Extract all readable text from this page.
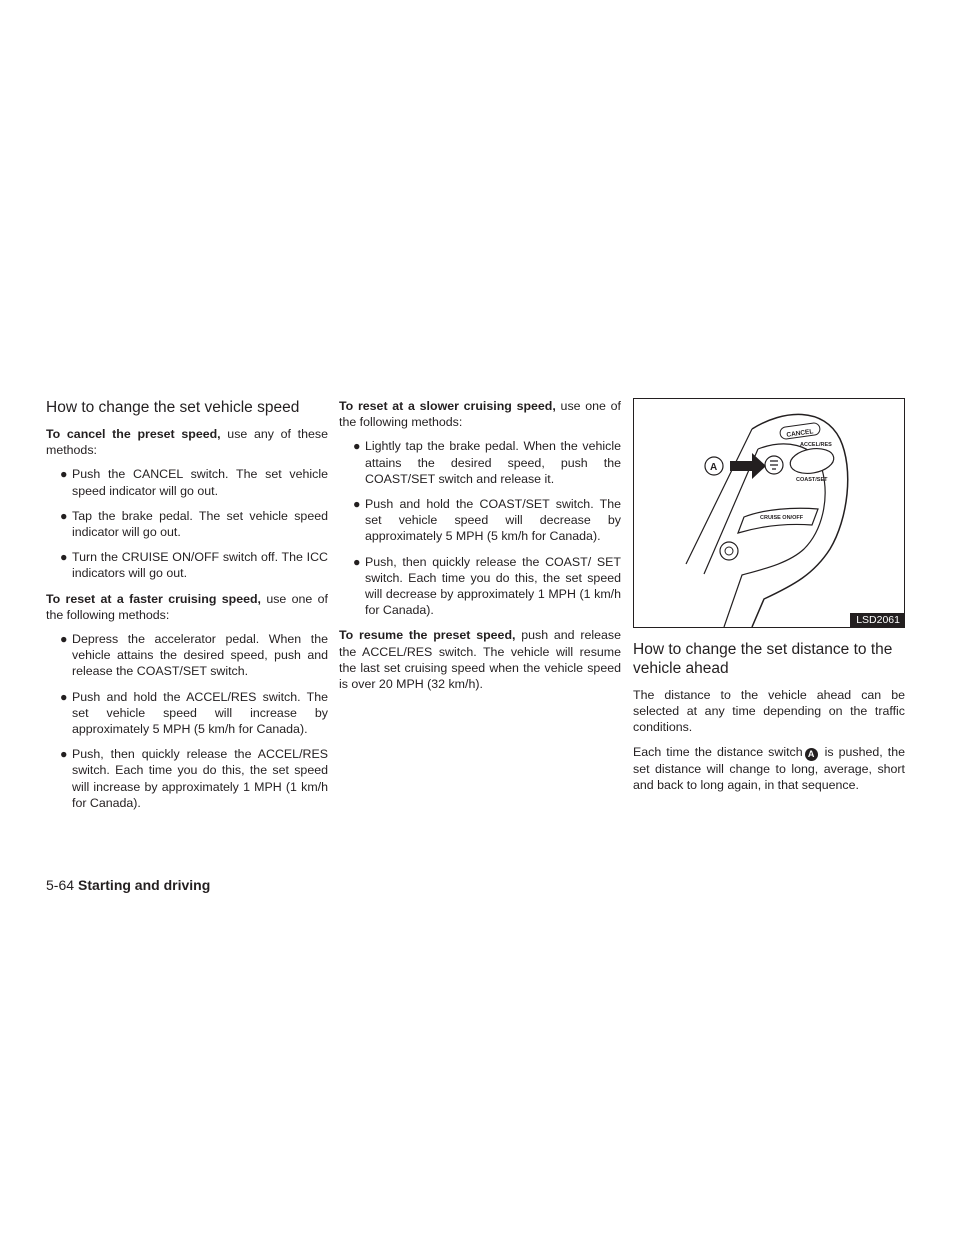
How to change the set vehicle speed

To cancel the preset speed, use any of these methods:

● Push the CANCEL switch. The set vehicle speed indicator will go out.
● Tap the brake pedal. The set vehicle speed indicator will go out.
● Turn the CRUISE ON/OFF switch off. The ICC indicators will go out.

To reset at a faster cruising speed, use one of the following methods:

● Depress the accelerator pedal. When the vehicle attains the desired speed, push and release the COAST/SET switch.
● Push and hold the ACCEL/RES switch. The set vehicle speed will increase by approximately 5 MPH (5 km/h for Canada).
● Push, then quickly release the ACCEL/RES switch. Each time you do this, the set speed will increase by approximately 1 MPH (1 km/h for Canada).

To reset at a slower cruising speed, use one of the following methods:

● Lightly tap the brake pedal. When the vehicle attains the desired speed, push the COAST/SET switch and release it.
● Push and hold the COAST/SET switch. The set vehicle speed will decrease by approximately 5 MPH (5 km/h for Canada).
● Push, then quickly release the COAST/ SET switch. Each time you do this, the set speed will decrease by approximately 1 MPH (1 km/h for Canada).

To resume the preset speed, push and release the ACCEL/RES switch. The vehicle will resume the last set cruising speed when the vehicle speed is over 20 MPH (32 km/h).

CANCEL
ACCEL/RES
COAST/SET
CRUISE ON/OFF
A
LSD2061
How to change the set distance to the vehicle ahead

The distance to the vehicle ahead can be selected at any time depending on the traffic conditions.

Each time the distance switch A is pushed, the set distance will change to long, average, short and back to long again, in that sequence.

5-64 Starting and driving
